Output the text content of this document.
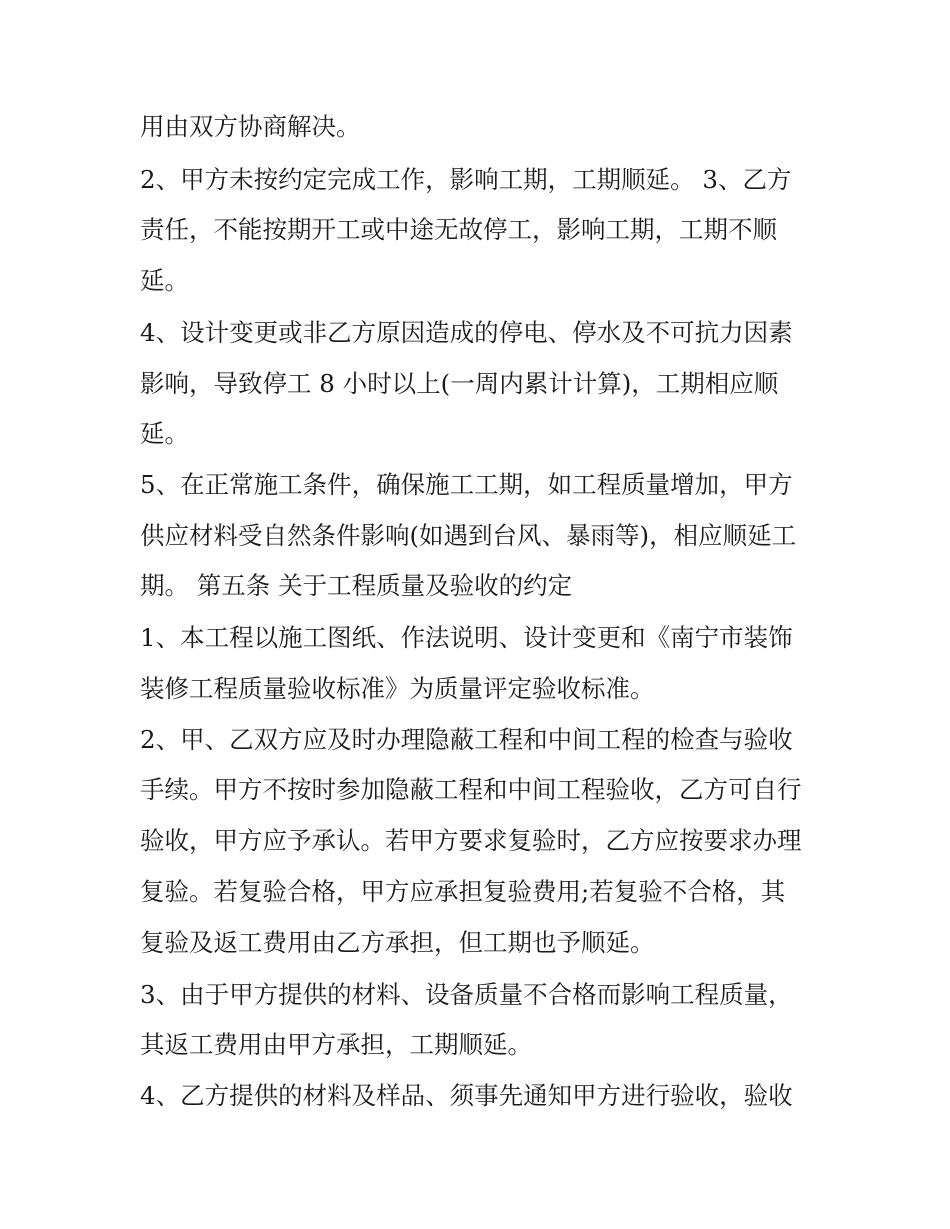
用由双方协商解决。
2、甲方未按约定完成工作，影响工期，工期顺延。 3、乙方
责任，不能按期开工或中途无故停工，影响工期，工期不顺
延。
4、设计变更或非乙方原因造成的停电、停水及不可抗力因素
影响，导致停工 8 小时以上(一周内累计计算)，工期相应顺
延。
5、在正常施工条件，确保施工工期，如工程质量增加，甲方
供应材料受自然条件影响(如遇到台风、暴雨等)，相应顺延工
期。 第五条 关于工程质量及验收的约定
1、本工程以施工图纸、作法说明、设计变更和《南宁市装饰
装修工程质量验收标准》为质量评定验收标准。
2、甲、乙双方应及时办理隐蔽工程和中间工程的检查与验收
手续。甲方不按时参加隐蔽工程和中间工程验收，乙方可自行
验收，甲方应予承认。若甲方要求复验时，乙方应按要求办理
复验。若复验合格，甲方应承担复验费用;若复验不合格，其
复验及返工费用由乙方承担，但工期也予顺延。
3、由于甲方提供的材料、设备质量不合格而影响工程质量，
其返工费用由甲方承担，工期顺延。
4、乙方提供的材料及样品、须事先通知甲方进行验收，验收
